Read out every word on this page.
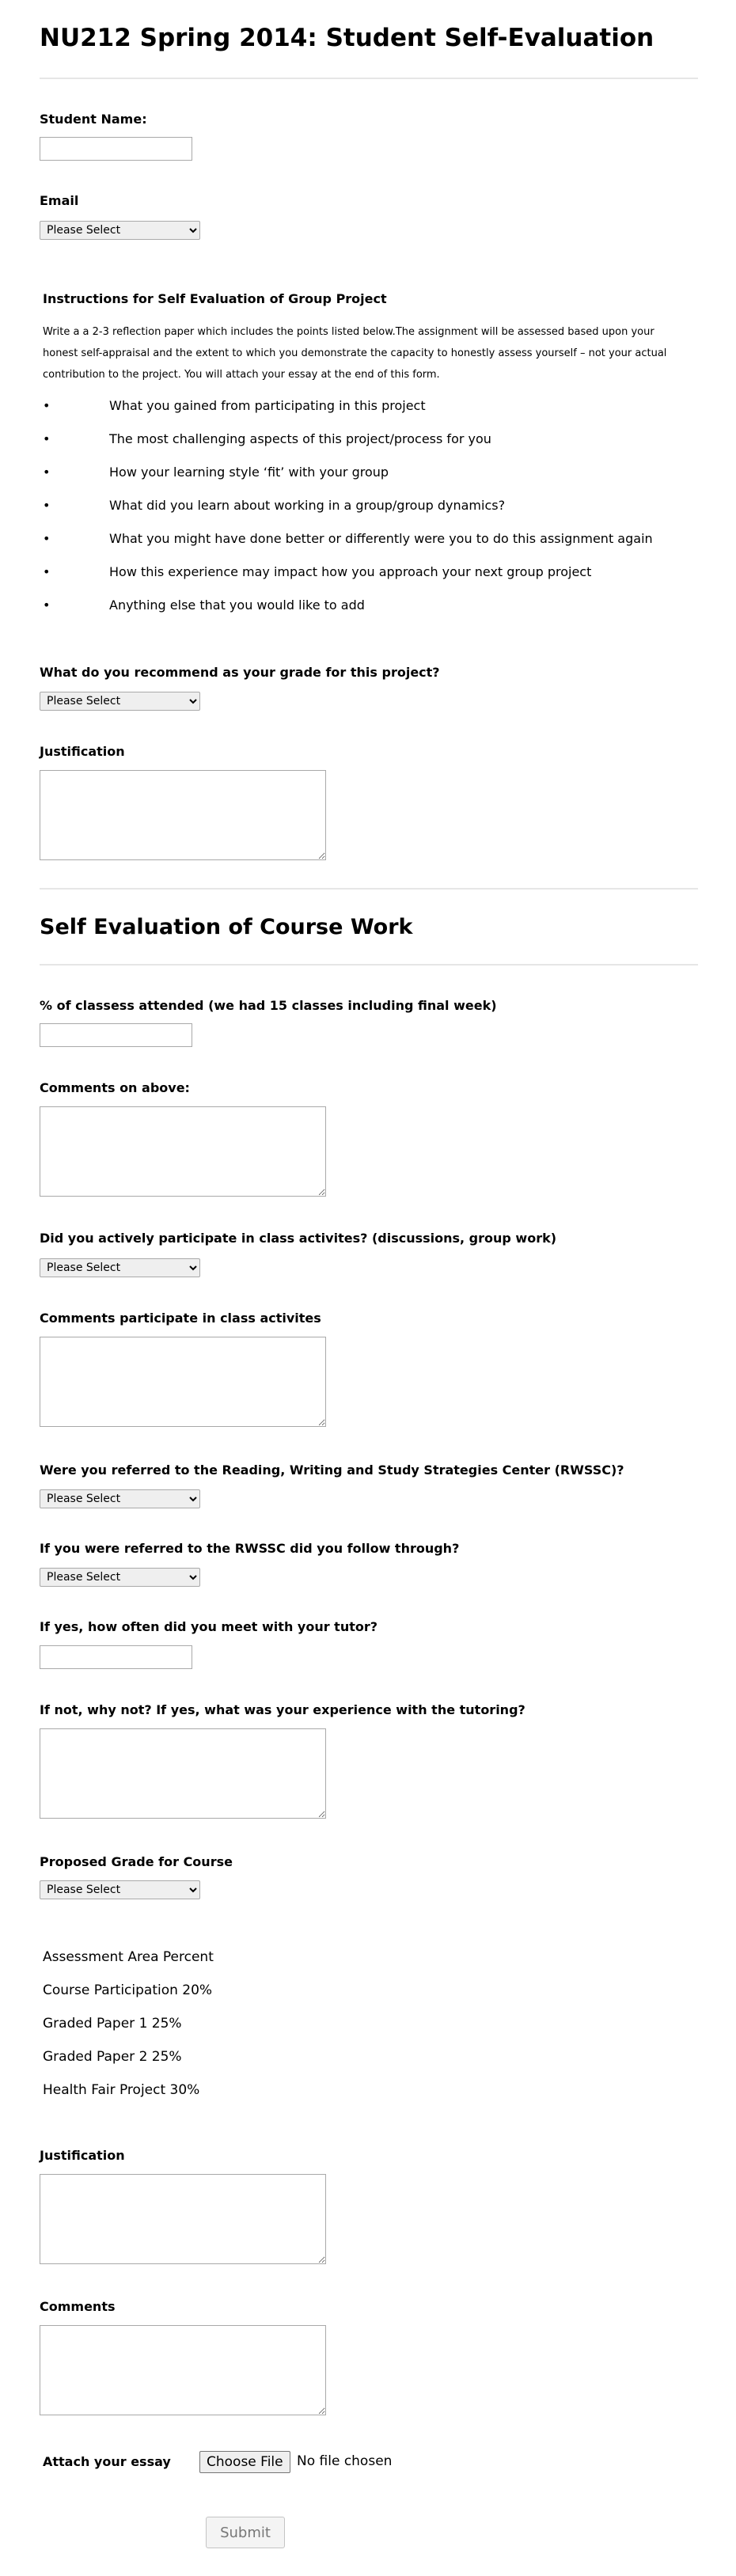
NU212 Spring 2014: Student Self-Evaluation
Student Name:
Email
Please Select
Instructions for Self Evaluation of Group Project
Write a a 2-3 reflection paper which includes the points listed below.The assignment will be assessed based upon your
honest self-appraisal and the extent to which you demonstrate the capacity to honestly assess yourself – not your actual
contribution to the project. You will attach your essay at the end of this form.
•	What you gained from participating in this project
•	The most challenging aspects of this project/process for you
•	How your learning style ‘fit’ with your group
•	What did you learn about working in a group/group dynamics?
•	What you might have done better or differently were you to do this assignment again
•	How this experience may impact how you approach your next group project
•	Anything else that you would like to add
What do you recommend as your grade for this project?
Please Select
Justification
Self Evaluation of Course Work
% of classess attended (we had 15 classes including final week)
Comments on above:
Did you actively participate in class activites? (discussions, group work)
Please Select
Comments participate in class activites
Were you referred to the Reading, Writing and Study Strategies Center (RWSSC)?
Please Select
If you were referred to the RWSSC did you follow through?
Please Select
If yes, how often did you meet with your tutor?
If not, why not? If yes, what was your experience with the tutoring?
Proposed Grade for Course
Please Select
Assessment Area Percent
Course Participation 20%
Graded Paper 1 25%
Graded Paper 2 25%
Health Fair Project 30%
Justification
Comments
Attach your essay	Choose File	No file chosen
Submit
